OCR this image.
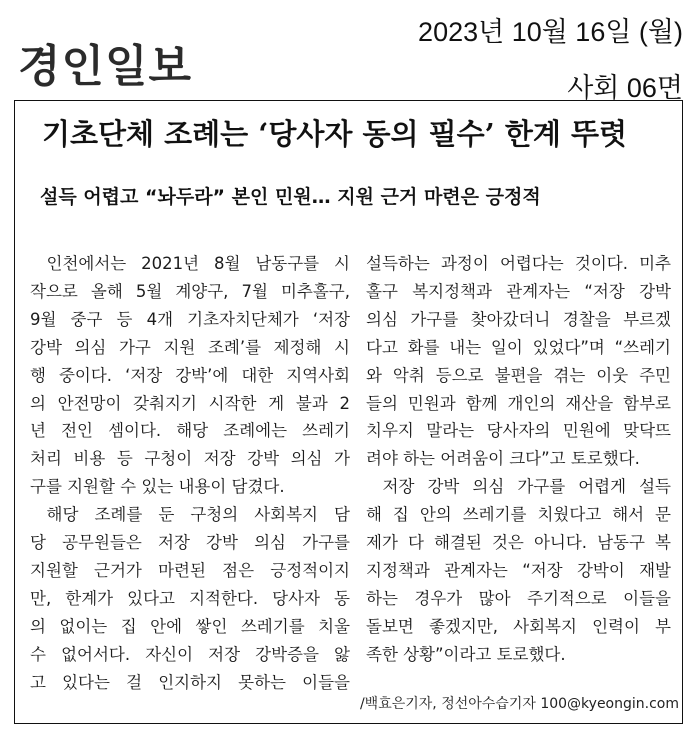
경인일보
2023년 10월 16일 (월)
사회 06면
기초단체 조례는 ‘당사자 동의 필수’ 한계 뚜렷
설득 어렵고 “놔두라” 본인 민원… 지원 근거 마련은 긍정적
인천에서는 2021년 8월 남동구를 시
작으로 올해 5월 계양구, 7월 미추홀구,
9월 중구 등 4개 기초자치단체가 ‘저장
강박 의심 가구 지원 조례’를 제정해 시
행 중이다. ‘저장 강박’에 대한 지역사회
의 안전망이 갖춰지기 시작한 게 불과 2
년 전인 셈이다. 해당 조례에는 쓰레기
처리 비용 등 구청이 저장 강박 의심 가
구를 지원할 수 있는 내용이 담겼다.
해당 조례를 둔 구청의 사회복지 담
당 공무원들은 저장 강박 의심 가구를
지원할 근거가 마련된 점은 긍정적이지
만, 한계가 있다고 지적한다. 당사자 동
의 없이는 집 안에 쌓인 쓰레기를 치울
수 없어서다. 자신이 저장 강박증을 앓
고 있다는 걸 인지하지 못하는 이들을
설득하는 과정이 어렵다는 것이다. 미추
홀구 복지정책과 관계자는 “저장 강박
의심 가구를 찾아갔더니 경찰을 부르겠
다고 화를 내는 일이 있었다”며 “쓰레기
와 악취 등으로 불편을 겪는 이웃 주민
들의 민원과 함께 개인의 재산을 함부로
치우지 말라는 당사자의 민원에 맞닥뜨
려야 하는 어려움이 크다”고 토로했다.
저장 강박 의심 가구를 어렵게 설득
해 집 안의 쓰레기를 치웠다고 해서 문
제가 다 해결된 것은 아니다. 남동구 복
지정책과 관계자는 “저장 강박이 재발
하는 경우가 많아 주기적으로 이들을
돌보면 좋겠지만, 사회복지 인력이 부
족한 상황”이라고 토로했다.
/백효은기자, 정선아수습기자 100@kyeongin.com
